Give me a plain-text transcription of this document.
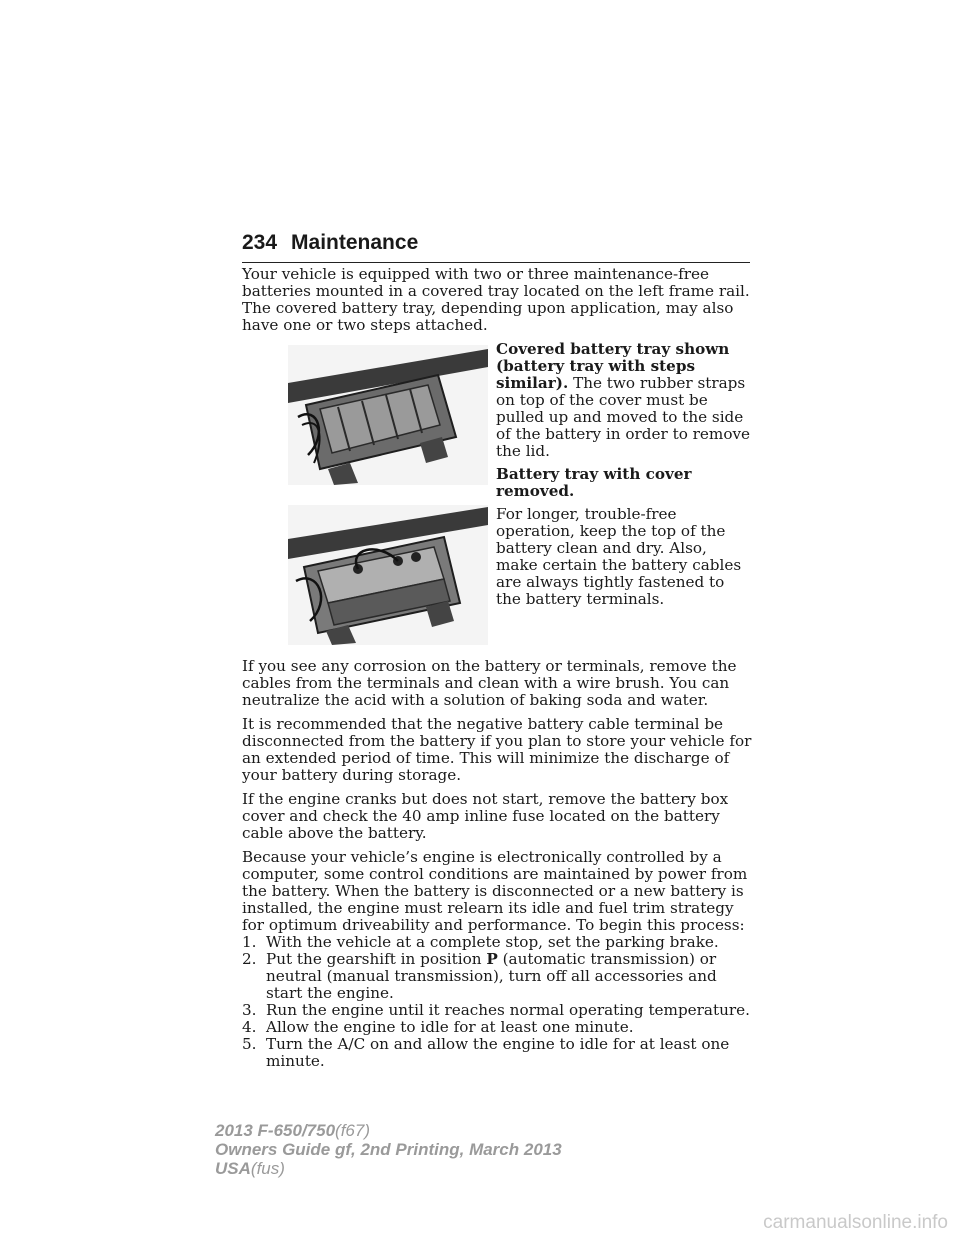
234 Maintenance

Your vehicle is equipped with two or three maintenance-free batteries mounted in a covered tray located on the left frame rail. The covered battery tray, depending upon application, may also have one or two steps attached.

Covered battery tray shown (battery tray with steps similar). The two rubber straps on top of the cover must be pulled up and moved to the side of the battery in order to remove the lid.

Battery tray with cover removed.

For longer, trouble-free operation, keep the top of the battery clean and dry. Also, make certain the battery cables are always tightly fastened to the battery terminals.

If you see any corrosion on the battery or terminals, remove the cables from the terminals and clean with a wire brush. You can neutralize the acid with a solution of baking soda and water.

It is recommended that the negative battery cable terminal be disconnected from the battery if you plan to store your vehicle for an extended period of time. This will minimize the discharge of your battery during storage.

If the engine cranks but does not start, remove the battery box cover and check the 40 amp inline fuse located on the battery cable above the battery.

Because your vehicle’s engine is electronically controlled by a computer, some control conditions are maintained by power from the battery. When the battery is disconnected or a new battery is installed, the engine must relearn its idle and fuel trim strategy for optimum driveability and performance. To begin this process:

1. With the vehicle at a complete stop, set the parking brake.
2. Put the gearshift in position P (automatic transmission) or neutral (manual transmission), turn off all accessories and start the engine.
3. Run the engine until it reaches normal operating temperature.
4. Allow the engine to idle for at least one minute.
5. Turn the A/C on and allow the engine to idle for at least one minute.
2013 F-650/750(f67)
Owners Guide gf, 2nd Printing, March 2013
USA(fus)
carmanualsonline.info
